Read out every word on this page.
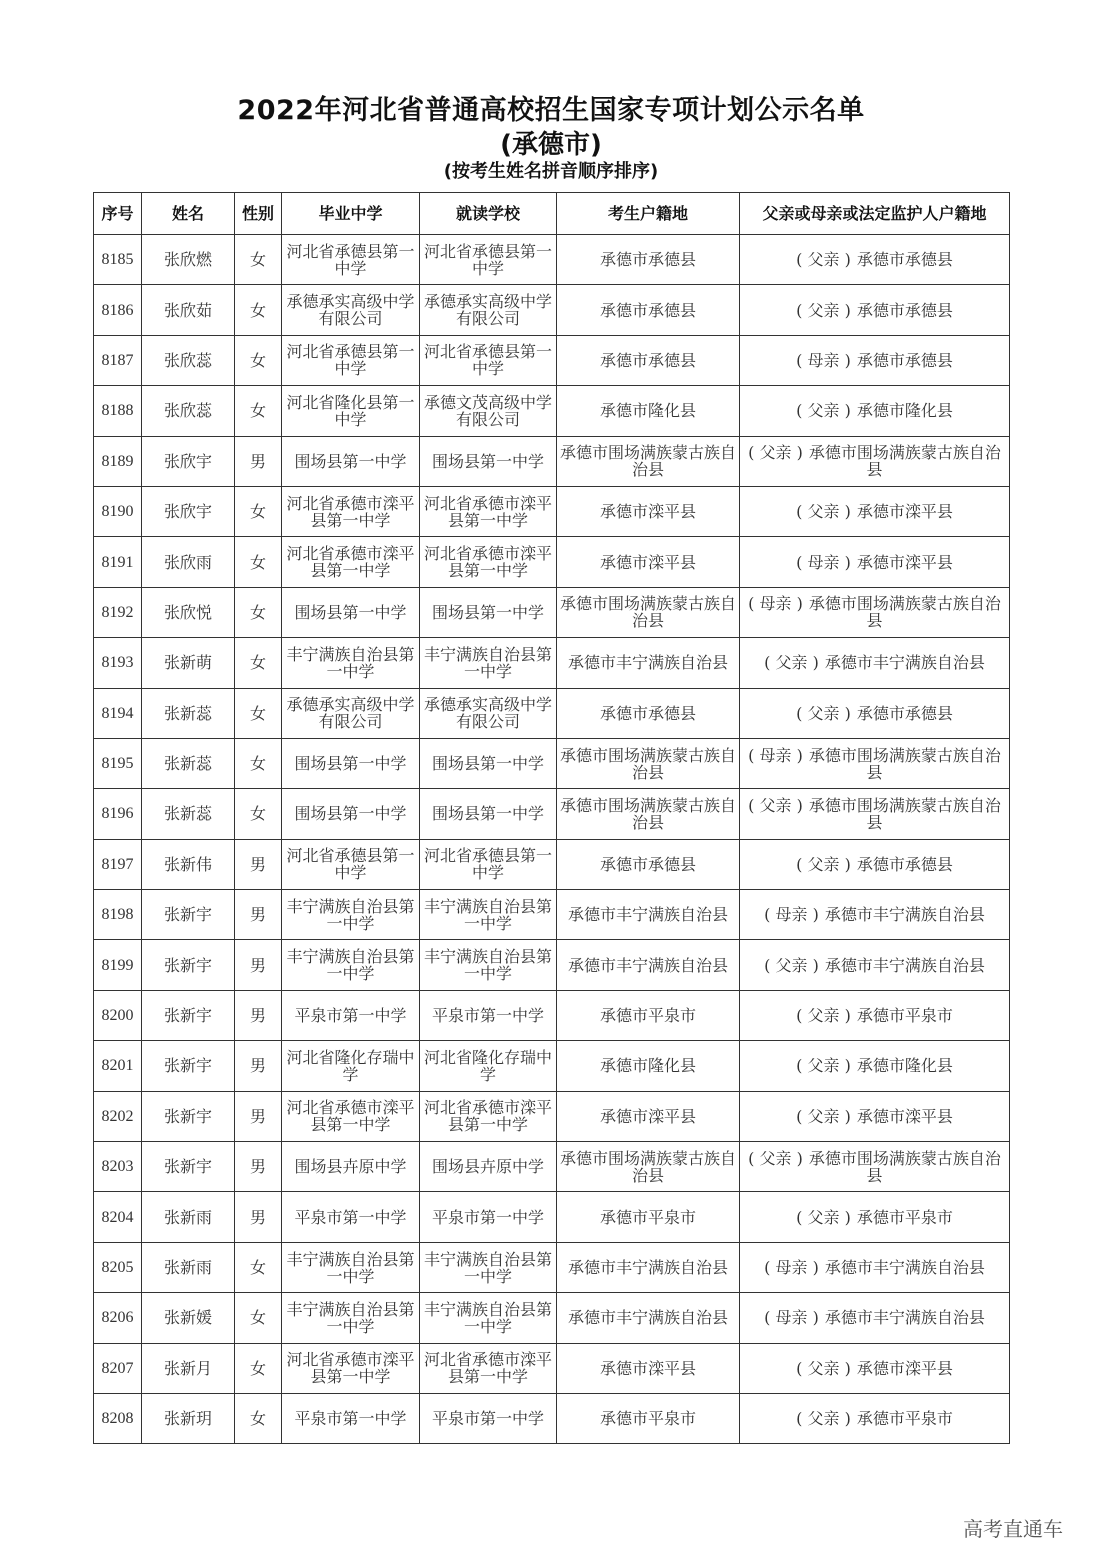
2022年河北省普通高校招生国家专项计划公示名单
(承德市)
(按考生姓名拼音顺序排序)
序号	姓名	性别	毕业中学	就读学校	考生户籍地	父亲或母亲或法定监护人户籍地
8185	张欣燃	女	河北省承德县第一中学	河北省承德县第一中学	承德市承德县	( 父亲 ) 承德市承德县
8186	张欣茹	女	承德承实高级中学有限公司	承德承实高级中学有限公司	承德市承德县	( 父亲 ) 承德市承德县
8187	张欣蕊	女	河北省承德县第一中学	河北省承德县第一中学	承德市承德县	( 母亲 ) 承德市承德县
8188	张欣蕊	女	河北省隆化县第一中学	承德文茂高级中学有限公司	承德市隆化县	( 父亲 ) 承德市隆化县
8189	张欣宇	男	围场县第一中学	围场县第一中学	承德市围场满族蒙古族自治县	( 父亲 ) 承德市围场满族蒙古族自治县
8190	张欣宇	女	河北省承德市滦平县第一中学	河北省承德市滦平县第一中学	承德市滦平县	( 父亲 ) 承德市滦平县
8191	张欣雨	女	河北省承德市滦平县第一中学	河北省承德市滦平县第一中学	承德市滦平县	( 母亲 ) 承德市滦平县
8192	张欣悦	女	围场县第一中学	围场县第一中学	承德市围场满族蒙古族自治县	( 母亲 ) 承德市围场满族蒙古族自治县
8193	张新萌	女	丰宁满族自治县第一中学	丰宁满族自治县第一中学	承德市丰宁满族自治县	( 父亲 ) 承德市丰宁满族自治县
8194	张新蕊	女	承德承实高级中学有限公司	承德承实高级中学有限公司	承德市承德县	( 父亲 ) 承德市承德县
8195	张新蕊	女	围场县第一中学	围场县第一中学	承德市围场满族蒙古族自治县	( 母亲 ) 承德市围场满族蒙古族自治县
8196	张新蕊	女	围场县第一中学	围场县第一中学	承德市围场满族蒙古族自治县	( 父亲 ) 承德市围场满族蒙古族自治县
8197	张新伟	男	河北省承德县第一中学	河北省承德县第一中学	承德市承德县	( 父亲 ) 承德市承德县
8198	张新宇	男	丰宁满族自治县第一中学	丰宁满族自治县第一中学	承德市丰宁满族自治县	( 母亲 ) 承德市丰宁满族自治县
8199	张新宇	男	丰宁满族自治县第一中学	丰宁满族自治县第一中学	承德市丰宁满族自治县	( 父亲 ) 承德市丰宁满族自治县
8200	张新宇	男	平泉市第一中学	平泉市第一中学	承德市平泉市	( 父亲 ) 承德市平泉市
8201	张新宇	男	河北省隆化存瑞中学	河北省隆化存瑞中学	承德市隆化县	( 父亲 ) 承德市隆化县
8202	张新宇	男	河北省承德市滦平县第一中学	河北省承德市滦平县第一中学	承德市滦平县	( 父亲 ) 承德市滦平县
8203	张新宇	男	围场县卉原中学	围场县卉原中学	承德市围场满族蒙古族自治县	( 父亲 ) 承德市围场满族蒙古族自治县
8204	张新雨	男	平泉市第一中学	平泉市第一中学	承德市平泉市	( 父亲 ) 承德市平泉市
8205	张新雨	女	丰宁满族自治县第一中学	丰宁满族自治县第一中学	承德市丰宁满族自治县	( 母亲 ) 承德市丰宁满族自治县
8206	张新媛	女	丰宁满族自治县第一中学	丰宁满族自治县第一中学	承德市丰宁满族自治县	( 母亲 ) 承德市丰宁满族自治县
8207	张新月	女	河北省承德市滦平县第一中学	河北省承德市滦平县第一中学	承德市滦平县	( 父亲 ) 承德市滦平县
8208	张新玥	女	平泉市第一中学	平泉市第一中学	承德市平泉市	( 父亲 ) 承德市平泉市
高考直通车
